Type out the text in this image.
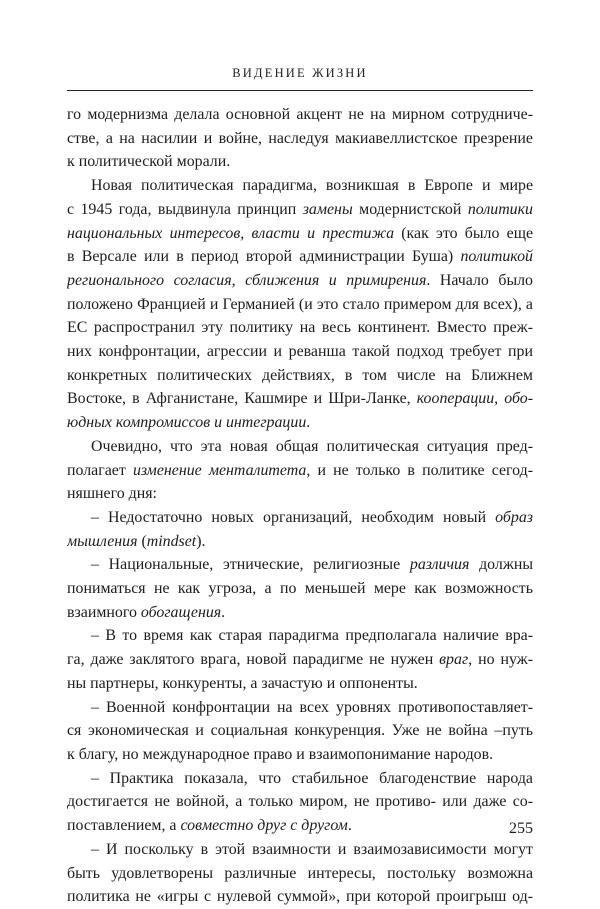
ВИДЕНИЕ ЖИЗНИ
го модернизма делала основной акцент не на мирном сотрудниче-
стве, а на насилии и войне, наследуя макиавеллистское презрение
к политической морали.
Новая политическая парадигма, возникшая в Европе и мире
с 1945 года, выдвинула принцип замены модернистской политики
национальных интересов, власти и престижа (как это было еще
в Версале или в период второй администрации Буша) политикой
регионального согласия, сближения и примирения. Начало было
положено Францией и Германией (и это стало примером для всех), а
ЕС распространил эту политику на весь континент. Вместо преж-
них конфронтации, агрессии и реванша такой подход требует при
конкретных политических действиях, в том числе на Ближнем
Востоке, в Афганистане, Кашмире и Шри-Ланке, кооперации, обо-
юдных компромиссов и интеграции.
Очевидно, что эта новая общая политическая ситуация пред-
полагает изменение менталитета, и не только в политике сегод-
няшнего дня:
– Недостаточно новых организаций, необходим новый образ
мышления (mindset).
– Национальные, этнические, религиозные различия должны
пониматься не как угроза, а по меньшей мере как возможность
взаимного обогащения.
– В то время как старая парадигма предполагала наличие вра-
га, даже заклятого врага, новой парадигме не нужен враг, но нуж-
ны партнеры, конкуренты, а зачастую и оппоненты.
– Военной конфронтации на всех уровнях противопоставляет-
ся экономическая и социальная конкуренция. Уже не война –путь
к благу, но международное право и взаимопонимание народов.
– Практика показала, что стабильное благоденствие народа
достигается не войной, а только миром, не противо- или даже со-
поставлением, а совместно друг с другом.
– И поскольку в этой взаимности и взаимозависимости могут
быть удовлетворены различные интересы, постольку возможна
политика не «игры с нулевой суммой», при которой проигрыш од-
255
